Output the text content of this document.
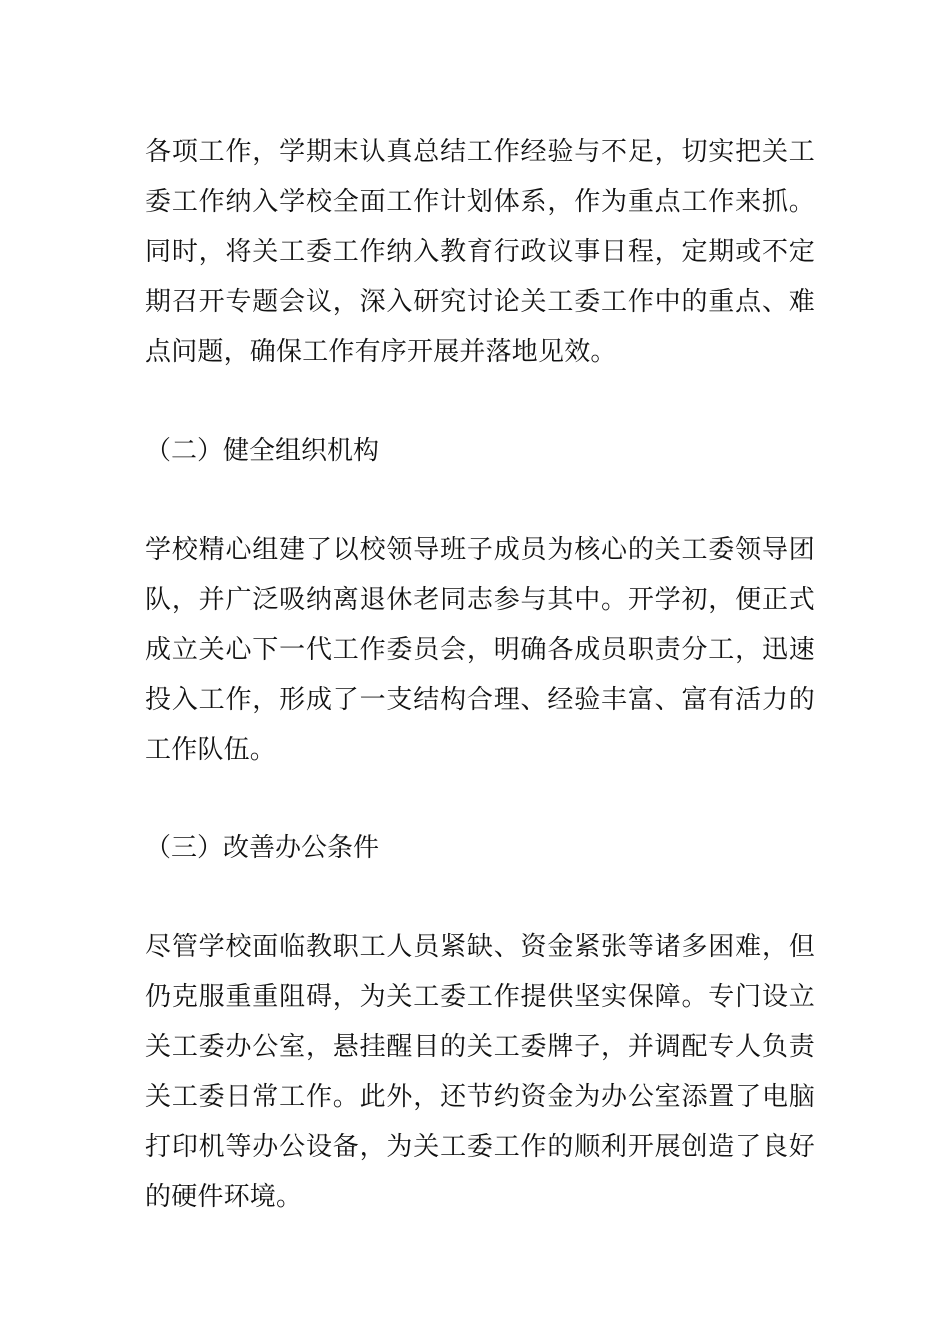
各项工作，学期末认真总结工作经验与不足，切实把关工
委工作纳入学校全面工作计划体系，作为重点工作来抓。
同时，将关工委工作纳入教育行政议事日程，定期或不定
期召开专题会议，深入研究讨论关工委工作中的重点、难
点问题，确保工作有序开展并落地见效。
（二）健全组织机构
学校精心组建了以校领导班子成员为核心的关工委领导团
队，并广泛吸纳离退休老同志参与其中。开学初，便正式
成立关心下一代工作委员会，明确各成员职责分工，迅速
投入工作，形成了一支结构合理、经验丰富、富有活力的
工作队伍。
（三）改善办公条件
尽管学校面临教职工人员紧缺、资金紧张等诸多困难，但
仍克服重重阻碍，为关工委工作提供坚实保障。专门设立
关工委办公室，悬挂醒目的关工委牌子，并调配专人负责
关工委日常工作。此外，还节约资金为办公室添置了电脑
打印机等办公设备，为关工委工作的顺利开展创造了良好
的硬件环境。
